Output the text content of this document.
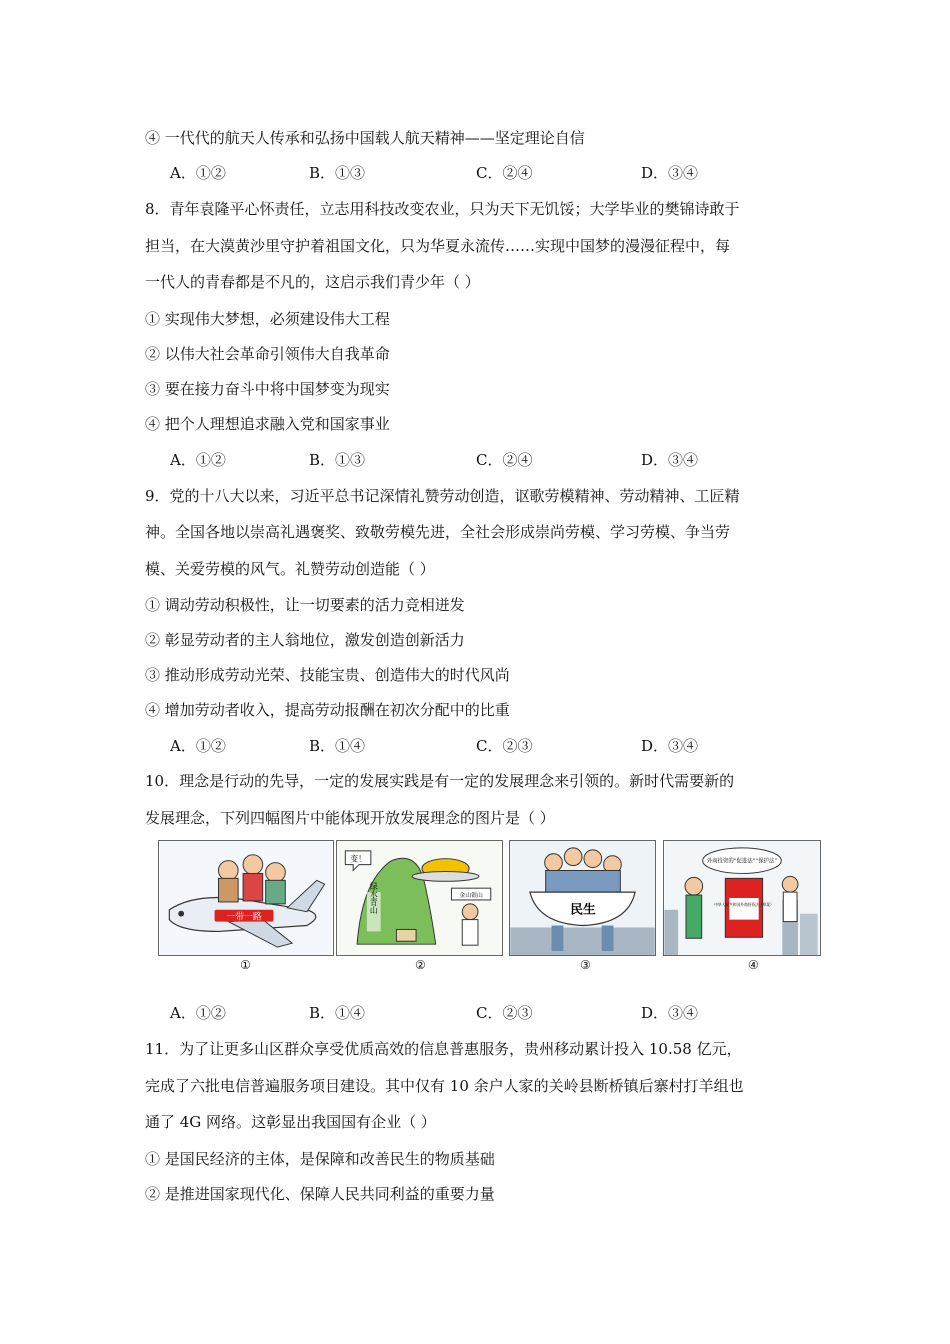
④ 一代代的航天人传承和弘扬中国载人航天精神——坚定理论自信
A．①②	B．①③	C．②④	D．③④
8．青年袁隆平心怀责任，立志用科技改变农业，只为天下无饥馁；大学毕业的樊锦诗敢于
担当，在大漠黄沙里守护着祖国文化，只为华夏永流传……实现中国梦的漫漫征程中，每
一代人的青春都是不凡的，这启示我们青少年（ ）
① 实现伟大梦想，必须建设伟大工程
② 以伟大社会革命引领伟大自我革命
③ 要在接力奋斗中将中国梦变为现实
④ 把个人理想追求融入党和国家事业
A．①②	B．①③	C．②④	D．③④
9．党的十八大以来，习近平总书记深情礼赞劳动创造，讴歌劳模精神、劳动精神、工匠精
神。全国各地以崇高礼遇褒奖、致敬劳模先进，全社会形成崇尚劳模、学习劳模、争当劳
模、关爱劳模的风气。礼赞劳动创造能（ ）
① 调动劳动积极性，让一切要素的活力竞相迸发
② 彰显劳动者的主人翁地位，激发创造创新活力
③ 推动形成劳动光荣、技能宝贵、创造伟大的时代风尚
④ 增加劳动者收入，提高劳动报酬在初次分配中的比重
A．①②	B．①④	C．②③	D．③④
10．理念是行动的先导，一定的发展实践是有一定的发展理念来引领的。新时代需要新的
发展理念，下列四幅图片中能体现开放发展理念的图片是（ ）
一带一路
①
绿水青山
变！
金山银山
②
民生
③
外商投资的“促进法”“保护法”
中华人民共和国外商投资法（草案）
④
A．①②	B．①④	C．②③	D．③④
11．为了让更多山区群众享受优质高效的信息普惠服务，贵州移动累计投入 10.58 亿元，
完成了六批电信普遍服务项目建设。其中仅有 10 余户人家的关岭县断桥镇后寨村打羊组也
通了 4G 网络。这彰显出我国国有企业（ ）
① 是国民经济的主体，是保障和改善民生的物质基础
② 是推进国家现代化、保障人民共同利益的重要力量
